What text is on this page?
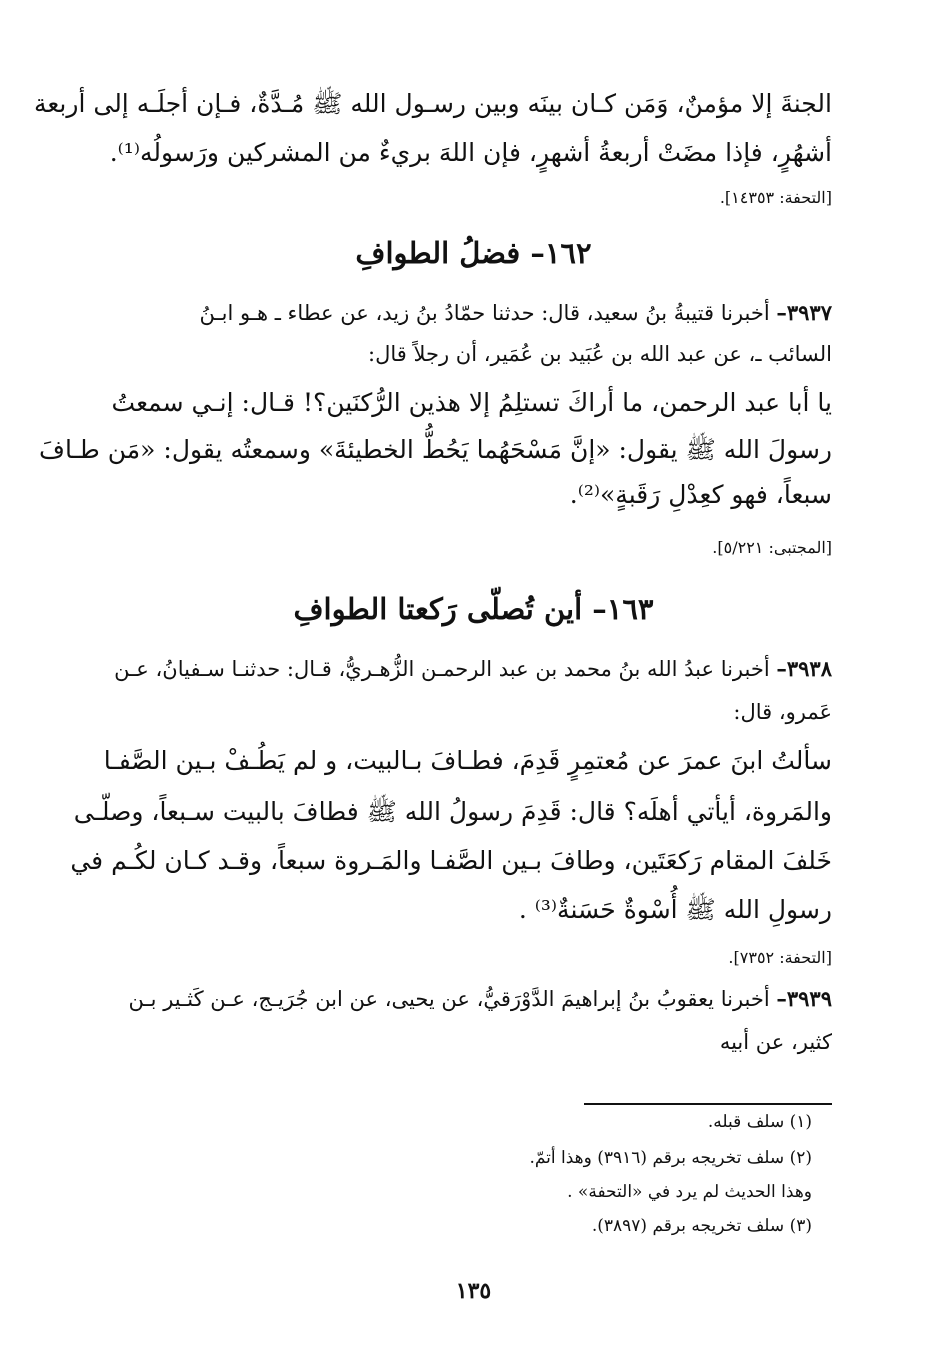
الجنةَ إلا مؤمنٌ، وَمَن كـان بينَه وبين رسـول الله ﷺ مُـدَّةٌ، فـإن أجلَـه إلى أربعة
أشهُرٍ، فإذا مضَتْ أربعةُ أشهرٍ، فإن اللهَ بريءٌ من المشركين ورَسولُه⁽¹⁾.
[التحفة: ١٤٣٥٣].
١٦٢– فضلُ الطوافِ
٣٩٣٧– أخبرنا قتيبةُ بنُ سعيد، قال: حدثنا حمّادُ بنُ زيد، عن عطاء ـ هـو ابـنُ
السائب ـ، عن عبد الله بن عُبَيد بن عُمَير، أن رجلاً قال:
يا أبا عبد الرحمن، ما أراكَ تستلِمُ إلا هذين الرُّكنَين؟! قـال: إنـي سمعتُ
رسولَ الله ﷺ يقول: «إنَّ مَسْحَهُما يَحُطُّ الخطيئةَ» وسمعتُه يقول: «مَن طـافَ
سبعاً، فهو كعِدْلِ رَقَبةٍ»⁽²⁾.
[المجتبى: ٥/٢٢١].
١٦٣– أين تُصلّى رَكعتا الطوافِ
٣٩٣٨– أخبرنا عبدُ الله بنُ محمد بن عبد الرحمـن الزُّهـريُّ، قـال: حدثنـا سـفيانُ، عـن
عَمرو، قال:
سألتُ ابنَ عمرَ عن مُعتمِرٍ قَدِمَ، فطـافَ بـالبيت، و لم يَطُـفْ بـين الصَّفـا
والمَروة، أيأتي أهلَه؟ قال: قَدِمَ رسولُ الله ﷺ فطافَ بالبيت سـبعاً، وصلّـى
خَلفَ المقام رَكعَتَين، وطافَ بـين الصَّفـا والمَـروة سبعاً، وقـد كـان لكُـم في
رسولِ الله ﷺ أُسْوةٌ حَسَنةٌ⁽³⁾ .
[التحفة: ٧٣٥٢].
٣٩٣٩– أخبرنا يعقوبُ بنُ إبراهيمَ الدَّوْرَقيُّ، عن يحيى، عن ابن جُرَيـج، عـن كَثـير بـن
كثير، عن أبيه
(١) سلف قبله.
(٢) سلف تخريجه برقم (٣٩١٦) وهذا أتمّ.
وهذا الحديث لم يرد في «التحفة» .
(٣) سلف تخريجه برقم (٣٨٩٧).
١٣٥
